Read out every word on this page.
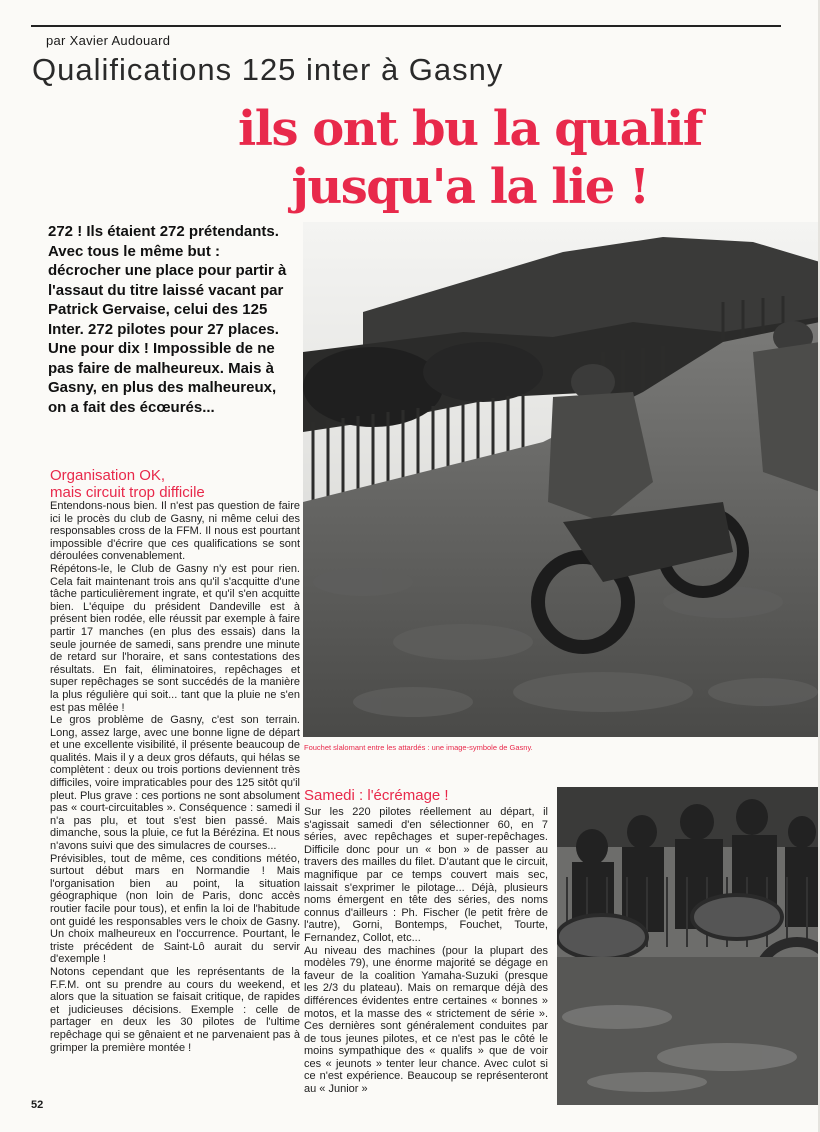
par Xavier Audouard
Qualifications 125 inter à Gasny
ils ont bu la qualif jusqu'a la lie !
272 ! Ils étaient 272 prétendants. Avec tous le même but : décrocher une place pour partir à l'assaut du titre laissé vacant par Patrick Gervaise, celui des 125 Inter. 272 pilotes pour 27 places. Une pour dix ! Impossible de ne pas faire de malheureux. Mais à Gasny, en plus des malheureux, on a fait des écœurés...
Fouchet slalomant entre les attardés : une image-symbole de Gasny.
Organisation OK,
mais circuit trop difficile

Entendons-nous bien. Il n'est pas question de faire ici le procès du club de Gasny, ni même celui des responsables cross de la FFM. Il nous est pourtant impossible d'écrire que ces qualifications se sont déroulées convenablement.

Répétons-le, le Club de Gasny n'y est pour rien. Cela fait maintenant trois ans qu'il s'acquitte d'une tâche particulièrement ingrate, et qu'il s'en acquitte bien. L'équipe du président Dandeville est à présent bien rodée, elle réussit par exemple à faire partir 17 manches (en plus des essais) dans la seule journée de samedi, sans prendre une minute de retard sur l'horaire, et sans contestations des résultats. En fait, éliminatoires, repêchages et super repêchages se sont succédés de la manière la plus régulière qui soit... tant que la pluie ne s'en est pas mêlée !

Le gros problème de Gasny, c'est son terrain. Long, assez large, avec une bonne ligne de départ et une excellente visibilité, il présente beaucoup de qualités. Mais il y a deux gros défauts, qui hélas se complètent : deux ou trois portions deviennent très difficiles, voire impraticables pour des 125 sitôt qu'il pleut. Plus grave : ces portions ne sont absolument pas « court-circuitables ». Conséquence : samedi il n'a pas plu, et tout s'est bien passé. Mais dimanche, sous la pluie, ce fut la Bérézina. Et nous n'avons suivi que des simulacres de courses...

Prévisibles, tout de même, ces conditions météo, surtout début mars en Normandie ! Mais l'organisation bien au point, la situation géographique (non loin de Paris, donc accès routier facile pour tous), et enfin la loi de l'habitude ont guidé les responsables vers le choix de Gasny. Un choix malheureux en l'occurrence. Pourtant, le triste précédent de Saint-Lô aurait du servir d'exemple !

Notons cependant que les représentants de la F.F.M. ont su prendre au cours du weekend, et alors que la situation se faisait critique, de rapides et judicieuses décisions. Exemple : celle de partager en deux les 30 pilotes de l'ultime repêchage qui se gênaient et ne parvenaient pas à grimper la première montée !

Samedi : l'écrémage !

Sur les 220 pilotes réellement au départ, il s'agissait samedi d'en sélectionner 60, en 7 séries, avec repêchages et super-repêchages. Difficile donc pour un « bon » de passer au travers des mailles du filet. D'autant que le circuit, magnifique par ce temps couvert mais sec, laissait s'exprimer le pilotage... Déjà, plusieurs noms émergent en tête des séries, des noms connus d'ailleurs : Ph. Fischer (le petit frère de l'autre), Gorni, Bontemps, Fouchet, Tourte, Fernandez, Collot, etc...

Au niveau des machines (pour la plupart des modèles 79), une énorme majorité se dégage en faveur de la coalition Yamaha-Suzuki (presque les 2/3 du plateau). Mais on remarque déjà des différences évidentes entre certaines « bonnes » motos, et la masse des « strictement de série ». Ces dernières sont généralement conduites par de tous jeunes pilotes, et ce n'est pas le côté le moins sympathique des « qualifs » que de voir ces « jeunots » tenter leur chance. Avec culot si ce n'est expérience. Beaucoup se représenteront au « Junior »

52
